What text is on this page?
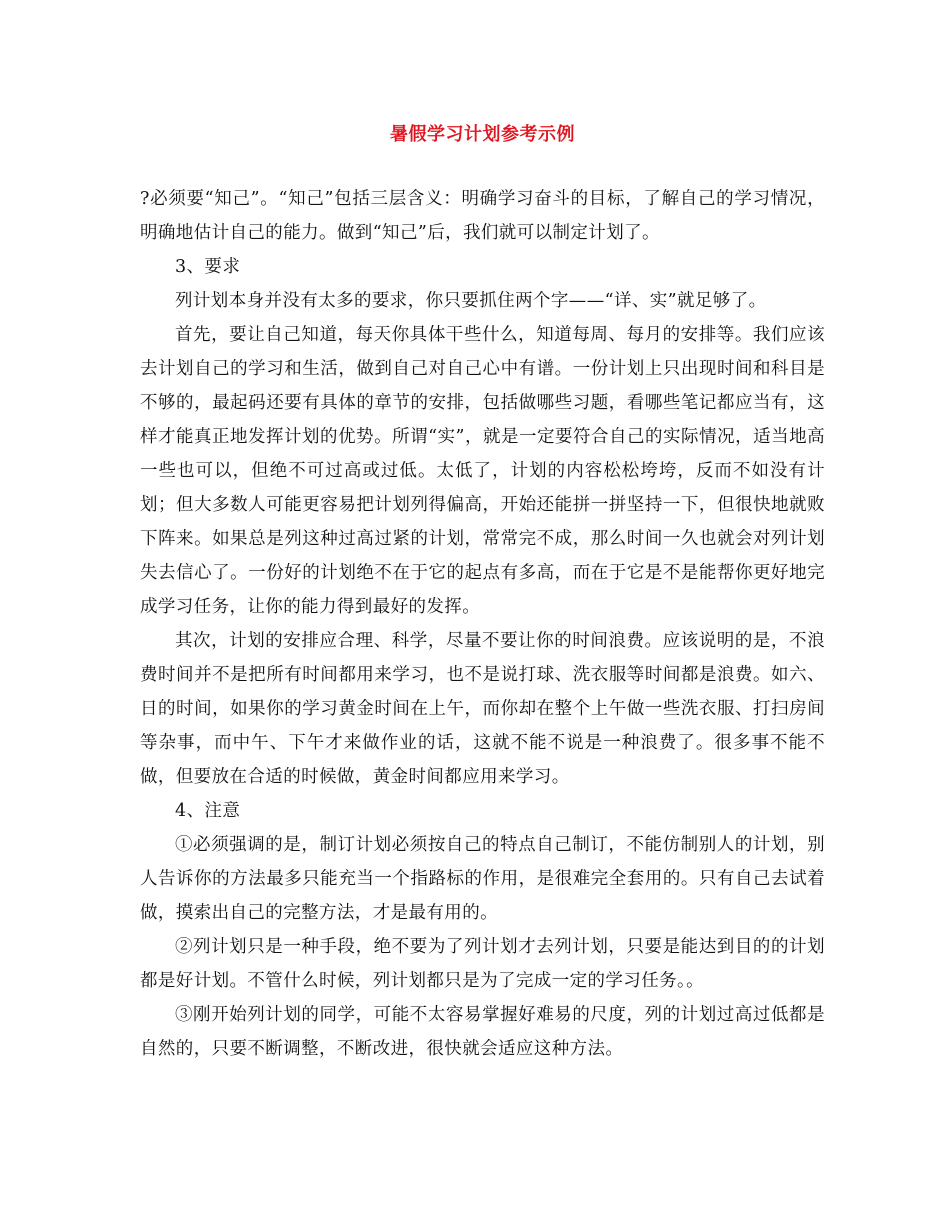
暑假学习计划参考示例

?必须要“知己”。“知己”包括三层含义：明确学习奋斗的目标，了解自己的学习情况，明确地估计自己的能力。做到“知己”后，我们就可以制定计划了。

3、要求

列计划本身并没有太多的要求，你只要抓住两个字——“详、实”就足够了。

首先，要让自己知道，每天你具体干些什么，知道每周、每月的安排等。我们应该去计划自己的学习和生活，做到自己对自己心中有谱。一份计划上只出现时间和科目是不够的，最起码还要有具体的章节的安排，包括做哪些习题，看哪些笔记都应当有，这样才能真正地发挥计划的优势。所谓“实”，就是一定要符合自己的实际情况，适当地高一些也可以，但绝不可过高或过低。太低了，计划的内容松松垮垮，反而不如没有计划；但大多数人可能更容易把计划列得偏高，开始还能拼一拼坚持一下，但很快地就败下阵来。如果总是列这种过高过紧的计划，常常完不成，那么时间一久也就会对列计划失去信心了。一份好的计划绝不在于它的起点有多高，而在于它是不是能帮你更好地完成学习任务，让你的能力得到最好的发挥。

其次，计划的安排应合理、科学，尽量不要让你的时间浪费。应该说明的是，不浪费时间并不是把所有时间都用来学习，也不是说打球、洗衣服等时间都是浪费。如六、日的时间，如果你的学习黄金时间在上午，而你却在整个上午做一些洗衣服、打扫房间等杂事，而中午、下午才来做作业的话，这就不能不说是一种浪费了。很多事不能不做，但要放在合适的时候做，黄金时间都应用来学习。

4、注意

①必须强调的是，制订计划必须按自己的特点自己制订，不能仿制别人的计划，别人告诉你的方法最多只能充当一个指路标的作用，是很难完全套用的。只有自己去试着做，摸索出自己的完整方法，才是最有用的。

②列计划只是一种手段，绝不要为了列计划才去列计划，只要是能达到目的的计划都是好计划。不管什么时候，列计划都只是为了完成一定的学习任务。。

③刚开始列计划的同学，可能不太容易掌握好难易的尺度，列的计划过高过低都是自然的，只要不断调整，不断改进，很快就会适应这种方法。
